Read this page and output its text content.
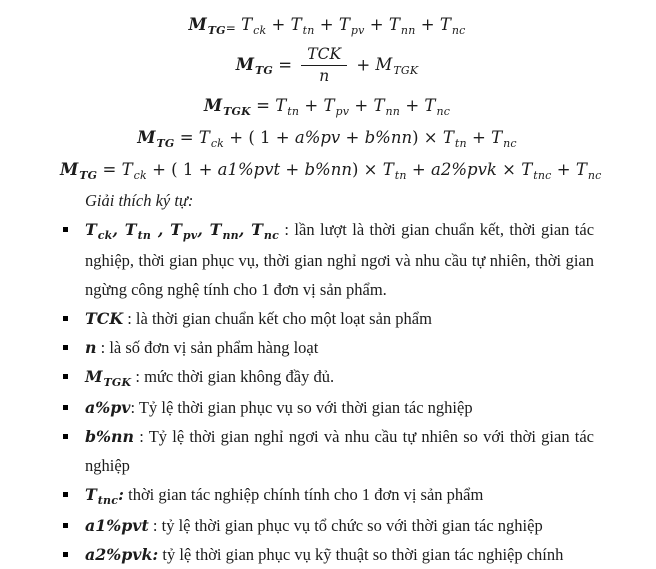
$M_{TG}= T_{ck} + T_{tn} + T_{pv} + T_{nn} + T_{nc}$
$M_{TG} = \frac{\text{TCK}}{n} + M_{TGK}$
$M_{TGK} = T_{tn} + T_{pv} + T_{nn} + T_{nc}$
$M_{TG} = T_{ck}$ + ( $1 + a\%pv + b\%nn) \times T_{tn} + T_{nc}$
$M_{TG} = T_{ck}$ + ( $1 + a1\%pvt + b\%nn) \times T_{tn} + a2\%pvk \times T_{tnc} + T_{nc}$
Giải thích ký tự:
$T_{ck}$, $T_{tn}$ , $T_{pv}$, $T_{nn}$, $T_{nc}$ : lần lượt là thời gian chuẩn kết, thời gian tác nghiệp, thời gian phục vụ, thời gian nghỉ ngơi và nhu cầu tự nhiên, thời gian ngừng công nghệ tính cho 1 đơn vị sản phẩm.
TCK : là thời gian chuẩn kết cho một loạt sản phẩm
n : là số đơn vị sản phẩm hàng loạt
$M_{TGK}$ : mức thời gian không đầy đủ.
a%pv: Tỷ lệ thời gian phục vụ so với thời gian tác nghiệp
b%nn : Tỷ lệ thời gian nghỉ ngơi và nhu cầu tự nhiên so với thời gian tác nghiệp
$T_{tnc}$: thời gian tác nghiệp chính tính cho 1 đơn vị sản phẩm
a1%pvt : tỷ lệ thời gian phục vụ tổ chức so với thời gian tác nghiệp
a2%pvk: tỷ lệ thời gian phục vụ kỹ thuật so thời gian tác nghiệp chính
